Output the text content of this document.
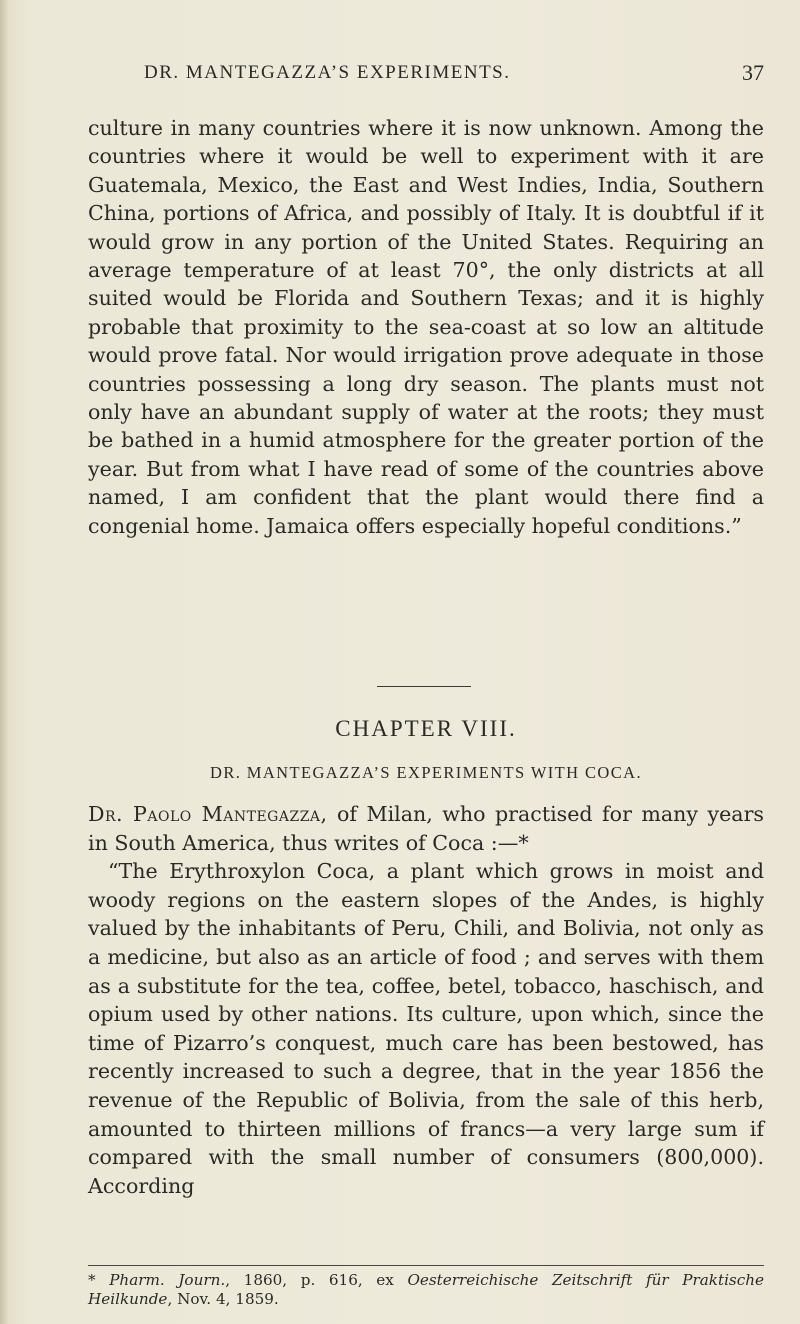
DR. MANTEGAZZA’S EXPERIMENTS.	37

culture in many countries where it is now unknown. Among the countries where it would be well to experiment with it are Guatemala, Mexico, the East and West Indies, India, Southern China, portions of Africa, and possibly of Italy. It is doubtful if it would grow in any portion of the United States. Requiring an average temperature of at least 70°, the only districts at all suited would be Florida and Southern Texas; and it is highly probable that proximity to the sea-coast at so low an altitude would prove fatal. Nor would irrigation prove adequate in those countries possessing a long dry season. The plants must not only have an abundant supply of water at the roots; they must be bathed in a humid atmosphere for the greater portion of the year. But from what I have read of some of the countries above named, I am confident that the plant would there find a congenial home. Jamaica offers especially hopeful conditions.”

CHAPTER VIII.
DR. MANTEGAZZA’S EXPERIMENTS WITH COCA.
Dr. Paolo Mantegazza, of Milan, who practised for many years in South America, thus writes of Coca :—*
“The Erythroxylon Coca, a plant which grows in moist and woody regions on the eastern slopes of the Andes, is highly valued by the inhabitants of Peru, Chili, and Bolivia, not only as a medicine, but also as an article of food ; and serves with them as a substitute for the tea, coffee, betel, tobacco, haschisch, and opium used by other nations. Its culture, upon which, since the time of Pizarro’s conquest, much care has been bestowed, has recently increased to such a degree, that in the year 1856 the revenue of the Republic of Bolivia, from the sale of this herb, amounted to thirteen millions of francs—a very large sum if compared with the small number of consumers (800,000). According

* Pharm. Journ., 1860, p. 616, ex Oesterreichische Zeitschrift für Praktische Heilkunde, Nov. 4, 1859.
